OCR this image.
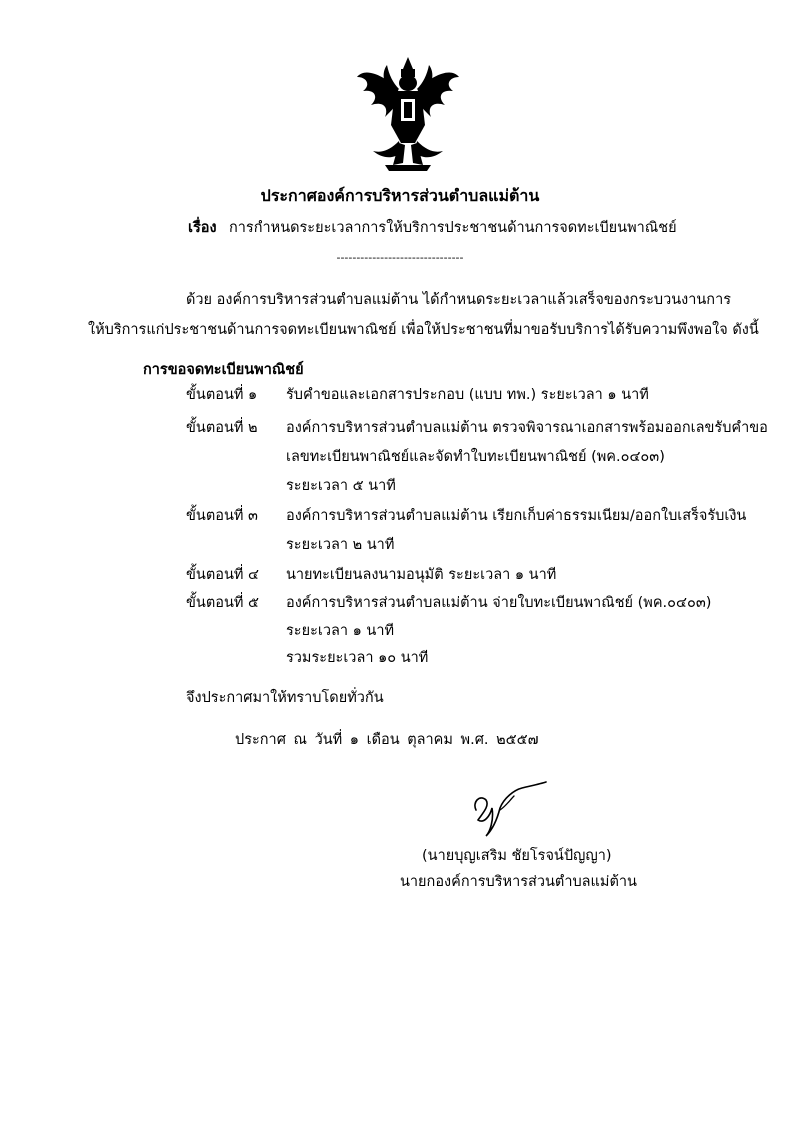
ประกาศองค์การบริหารส่วนตำบลแม่ต้าน
เรื่อง การกำหนดระยะเวลาการให้บริการประชาชนด้านการจดทะเบียนพาณิชย์
--------------------------------
ด้วย องค์การบริหารส่วนตำบลแม่ต้าน ได้กำหนดระยะเวลาแล้วเสร็จของกระบวนงานการ
ให้บริการแก่ประชาชนด้านการจดทะเบียนพาณิชย์ เพื่อให้ประชาชนที่มาขอรับบริการได้รับความพึงพอใจ ดังนี้
การขอจดทะเบียนพาณิชย์
ขั้นตอนที่ ๑ รับคำขอและเอกสารประกอบ (แบบ ทพ.) ระยะเวลา ๑ นาที
ขั้นตอนที่ ๒ องค์การบริหารส่วนตำบลแม่ต้าน ตรวจพิจารณาเอกสารพร้อมออกเลขรับคำขอ
เลขทะเบียนพาณิชย์และจัดทำใบทะเบียนพาณิชย์ (พค.๐๔๐๓)
ระยะเวลา ๕ นาที
ขั้นตอนที่ ๓ องค์การบริหารส่วนตำบลแม่ต้าน เรียกเก็บค่าธรรมเนียม/ออกใบเสร็จรับเงิน
ระยะเวลา ๒ นาที
ขั้นตอนที่ ๔ นายทะเบียนลงนามอนุมัติ ระยะเวลา ๑ นาที
ขั้นตอนที่ ๕ องค์การบริหารส่วนตำบลแม่ต้าน จ่ายใบทะเบียนพาณิชย์ (พค.๐๔๐๓)
ระยะเวลา ๑ นาที
รวมระยะเวลา ๑๐ นาที
จึงประกาศมาให้ทราบโดยทั่วกัน
ประกาศ ณ วันที่ ๑ เดือน ตุลาคม พ.ศ. ๒๕๕๗
(นายบุญเสริม ชัยโรจน์ปัญญา)
นายกองค์การบริหารส่วนตำบลแม่ต้าน
